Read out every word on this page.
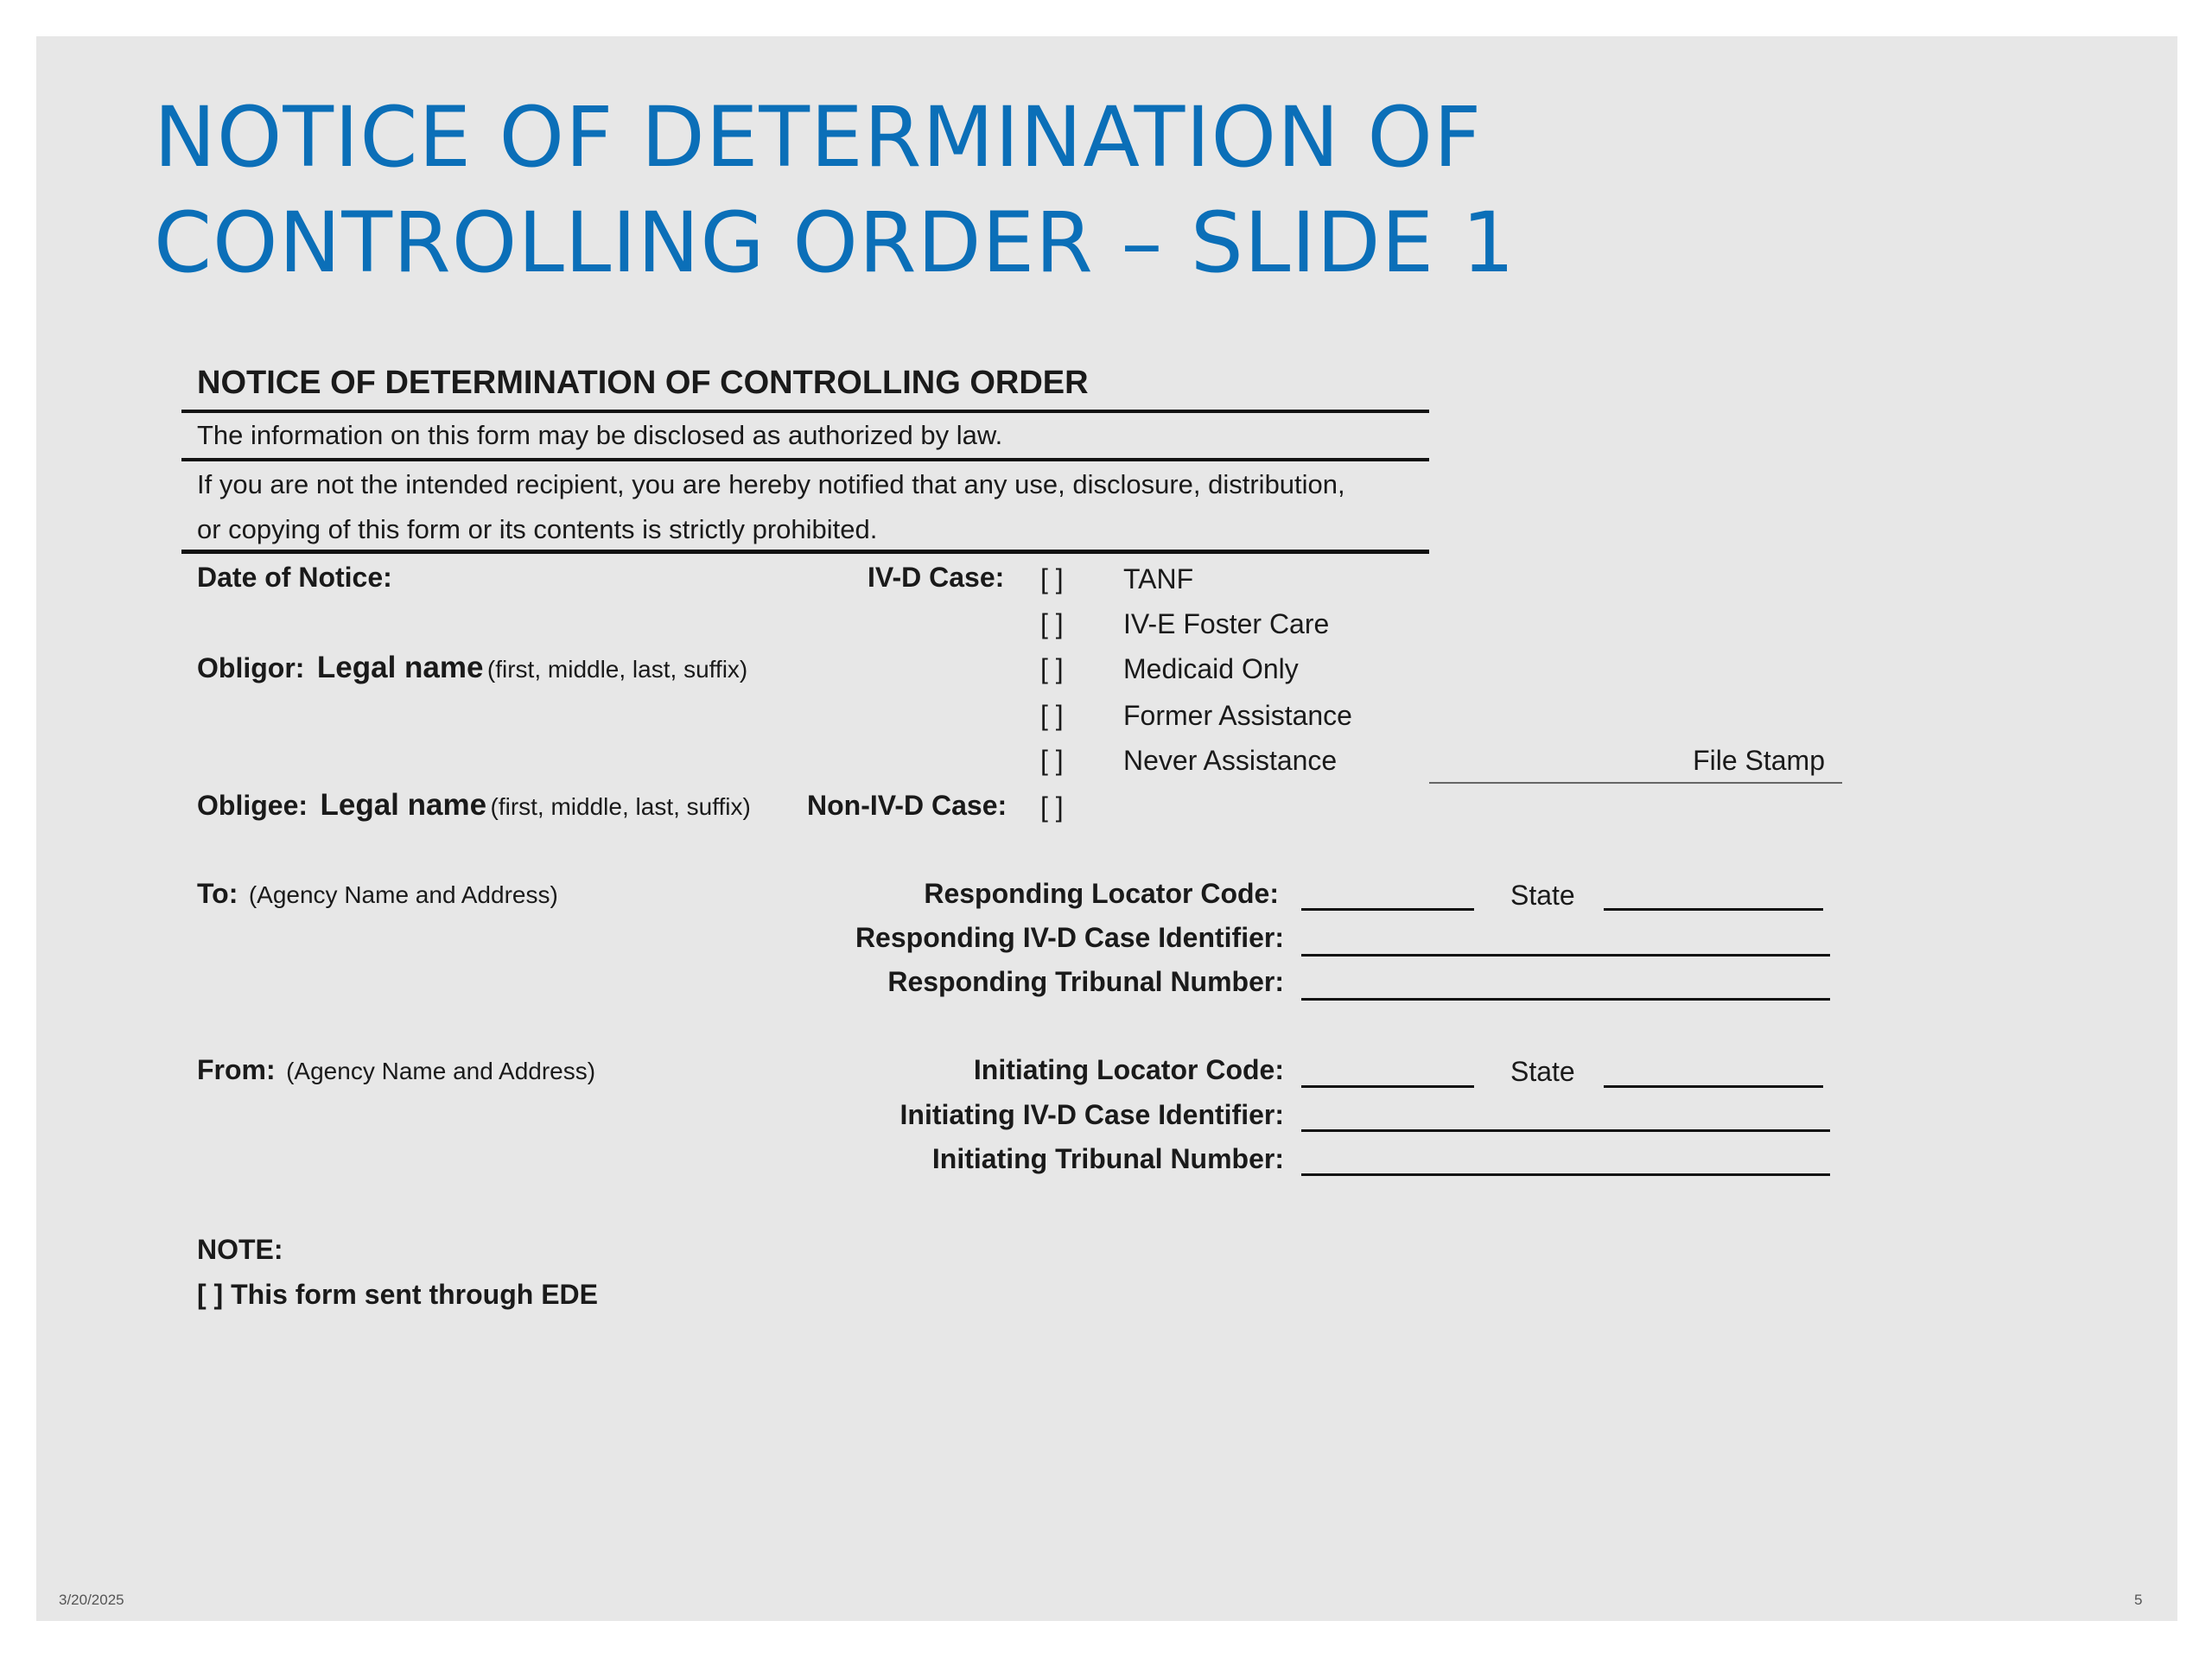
NOTICE OF DETERMINATION OF
CONTROLLING ORDER – SLIDE 1
NOTICE OF DETERMINATION OF CONTROLLING ORDER
The information on this form may be disclosed as authorized by law.
If you are not the intended recipient, you are hereby notified that any use, disclosure, distribution,
or copying of this form or its contents is strictly prohibited.
Date of Notice:	IV-D Case: [ ] TANF
[ ] IV-E Foster Care
[ ] Medicaid Only
[ ] Former Assistance
[ ] Never Assistance	File Stamp
Obligor: Legal name (first, middle, last, suffix)
Obligee: Legal name (first, middle, last, suffix) Non-IV-D Case: [ ]
To: (Agency Name and Address)	Responding Locator Code:	State
Responding IV-D Case Identifier:
Responding Tribunal Number:
From: (Agency Name and Address)	Initiating Locator Code:	State
Initiating IV-D Case Identifier:
Initiating Tribunal Number:
NOTE:
[ ] This form sent through EDE
3/20/2025	5
